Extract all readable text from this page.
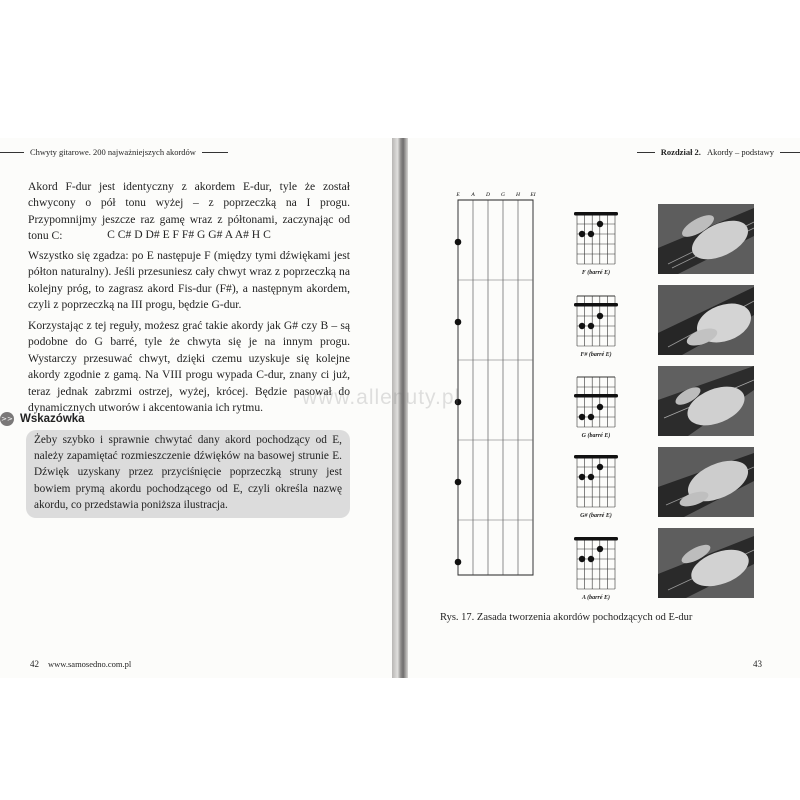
Chwyty gitarowe. 200 najważniejszych akordów

Akord F-dur jest identyczny z akordem E-dur, tyle że został chwycony o pół tonu wyżej – z poprzeczką na I progu. Przypomnijmy jeszcze raz gamę wraz z półtonami, zaczynając od tonu C:	C C# D D# E F F# G G# A A# H C

Wszystko się zgadza: po E następuje F (między tymi dźwiękami jest półton naturalny). Jeśli przesuniesz cały chwyt wraz z poprzeczką na kolejny próg, to zagrasz akord Fis-dur (F#), a następnym akordem, czyli z poprzeczką na III progu, będzie G-dur.

Korzystając z tej reguły, możesz grać takie akordy jak G# czy B – są podobne do G barré, tyle że chwyta się je na innym progu. Wystarczy przesuwać chwyt, dzięki czemu uzyskuje się kolejne akordy zgodnie z gamą. Na VIII progu wypada C-dur, znany ci już, teraz jednak zabrzmi ostrzej, wyżej, krócej. Będzie pasował do dynamicznych utworów i akcentowania ich rytmu.

>> Wskazówka

Żeby szybko i sprawnie chwytać dany akord pochodzący od E, należy zapamiętać rozmieszczenie dźwięków na basowej strunie E. Dźwięk uzyskany przez przyciśnięcie poprzeczką struny jest bowiem prymą akordu pochodzącego od E, czyli określa nazwę akordu, co przedstawia poniższa ilustracja.

42 www.samosedno.com.pl
Rozdział 2. Akordy – podstawy
E A D G H EI
F (barré E)
F# (barré E)
G (barré E)
G# (barré E)
A (barré E)

Rys. 17. Zasada tworzenia akordów pochodzących od E-dur

43
www.allenuty.pl
